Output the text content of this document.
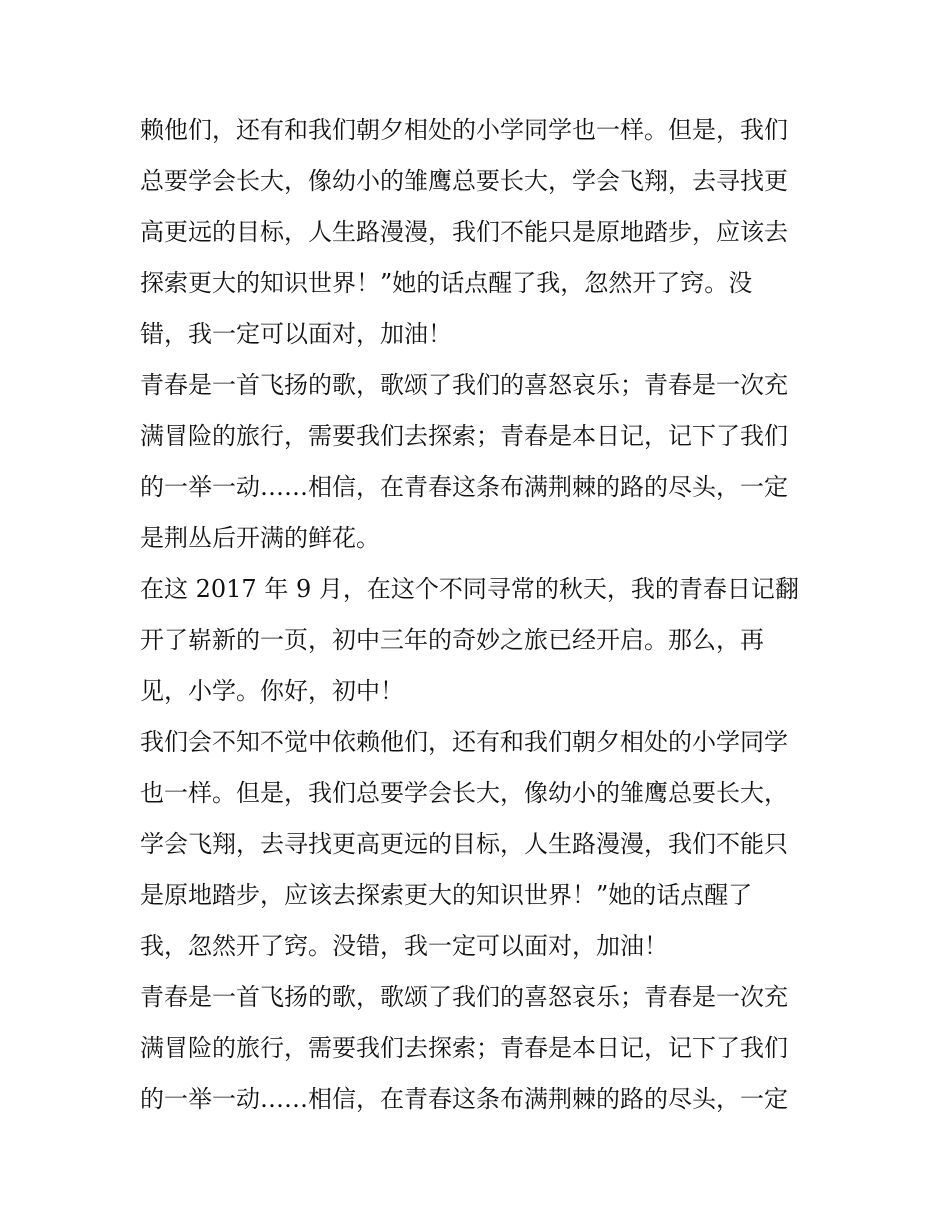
赖他们，还有和我们朝夕相处的小学同学也一样。但是，我们
总要学会长大，像幼小的雏鹰总要长大，学会飞翔，去寻找更
高更远的目标，人生路漫漫，我们不能只是原地踏步，应该去
探索更大的知识世界！”她的话点醒了我，忽然开了窍。没
错，我一定可以面对，加油！
青春是一首飞扬的歌，歌颂了我们的喜怒哀乐；青春是一次充
满冒险的旅行，需要我们去探索；青春是本日记，记下了我们
的一举一动……相信，在青春这条布满荆棘的路的尽头，一定
是荆丛后开满的鲜花。
在这 2017 年 9 月，在这个不同寻常的秋天，我的青春日记翻
开了崭新的一页，初中三年的奇妙之旅已经开启。那么，再
见，小学。你好，初中！
我们会不知不觉中依赖他们，还有和我们朝夕相处的小学同学
也一样。但是，我们总要学会长大，像幼小的雏鹰总要长大，
学会飞翔，去寻找更高更远的目标，人生路漫漫，我们不能只
是原地踏步，应该去探索更大的知识世界！”她的话点醒了
我，忽然开了窍。没错，我一定可以面对，加油！
青春是一首飞扬的歌，歌颂了我们的喜怒哀乐；青春是一次充
满冒险的旅行，需要我们去探索；青春是本日记，记下了我们
的一举一动……相信，在青春这条布满荆棘的路的尽头，一定
